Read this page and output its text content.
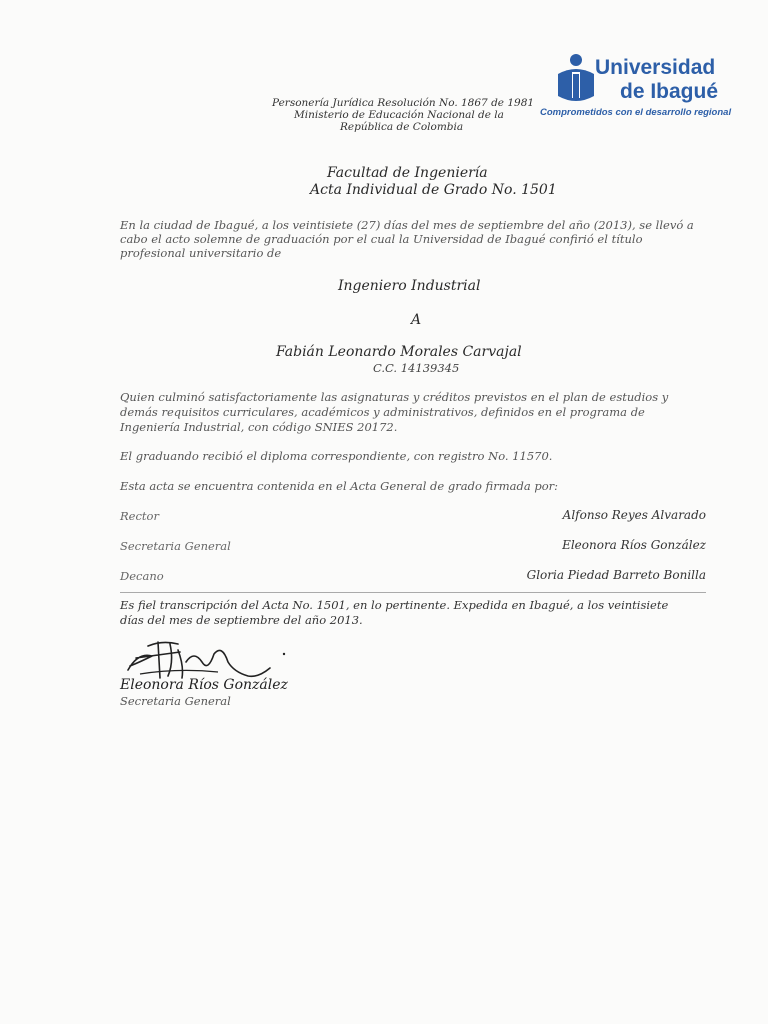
Universidad
de Ibagué
Comprometidos con el desarrollo regional
Personería Jurídica Resolución No. 1867 de 1981
Ministerio de Educación Nacional de la
República de Colombia
Facultad de Ingeniería
Acta Individual de Grado No. 1501
En la ciudad de Ibagué, a los veintisiete (27) días del mes de septiembre del año (2013), se llevó a
cabo el acto solemne de graduación por el cual la Universidad de Ibagué confirió el título
profesional universitario de
Ingeniero Industrial
A
Fabián Leonardo Morales Carvajal
C.C. 14139345
Quien culminó satisfactoriamente las asignaturas y créditos previstos en el plan de estudios y
demás requisitos curriculares, académicos y administrativos, definidos en el programa de
Ingeniería Industrial, con código SNIES 20172.
El graduando recibió el diploma correspondiente, con registro No. 11570.
Esta acta se encuentra contenida en el Acta General de grado firmada por:
Rector	Alfonso Reyes Alvarado
Secretaria General	Eleonora Ríos González
Decano	Gloria Piedad Barreto Bonilla
Es fiel transcripción del Acta No. 1501, en lo pertinente. Expedida en Ibagué, a los veintisiete
días del mes de septiembre del año 2013.
Eleonora Ríos González
Secretaria General
